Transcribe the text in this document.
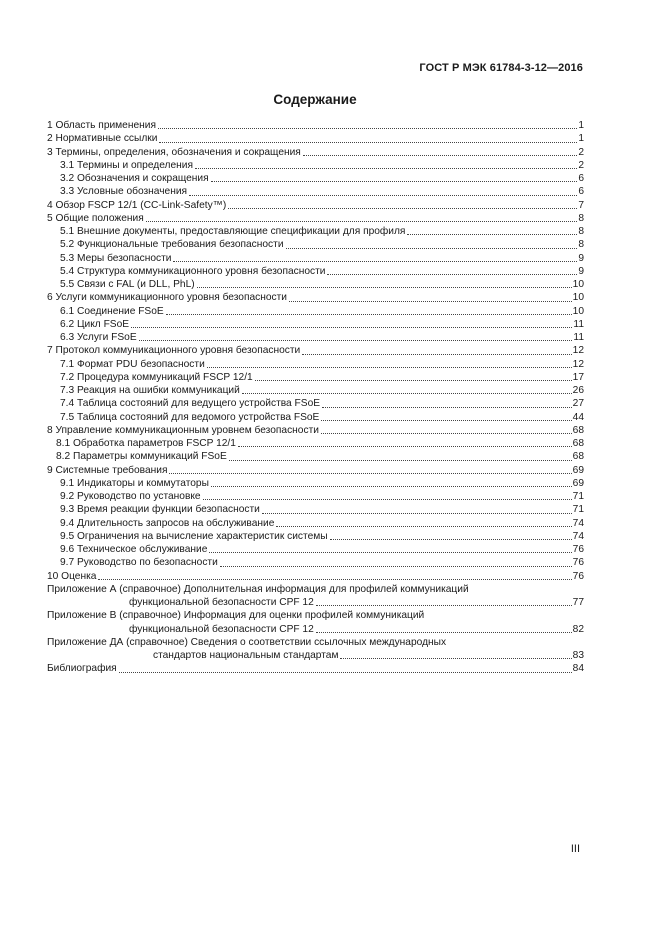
ГОСТ Р МЭК 61784-3-12—2016
Содержание
1 Область применения	1
2 Нормативные ссылки	1
3 Термины, определения, обозначения и сокращения	2
3.1 Термины и определения	2
3.2 Обозначения и сокращения	6
3.3 Условные обозначения	6
4 Обзор FSCP 12/1 (CC-Link-Safety™)	7
5 Общие положения	8
5.1 Внешние документы, предоставляющие спецификации для профиля	8
5.2 Функциональные требования безопасности	8
5.3 Меры безопасности	9
5.4 Структура коммуникационного уровня безопасности	9
5.5 Связи с FAL (и DLL, PhL)	10
6 Услуги коммуникационного уровня безопасности	10
6.1 Соединение FSoE	10
6.2 Цикл FSoE	11
6.3 Услуги FSoE	11
7 Протокол коммуникационного уровня безопасности	12
7.1 Формат PDU безопасности	12
7.2 Процедура коммуникаций FSCP 12/1	17
7.3 Реакция на ошибки коммуникаций	26
7.4 Таблица состояний для ведущего устройства FSoE	27
7.5 Таблица состояний для ведомого устройства FSoE	44
8 Управление коммуникационным уровнем безопасности	68
8.1 Обработка параметров FSCP 12/1	68
8.2 Параметры коммуникаций FSoE	68
9 Системные требования	69
9.1 Индикаторы и коммутаторы	69
9.2 Руководство по установке	71
9.3 Время реакции функции безопасности	71
9.4 Длительность запросов на обслуживание	74
9.5 Ограничения на вычисление характеристик системы	74
9.6 Техническое обслуживание	76
9.7 Руководство по безопасности	76
10 Оценка	76
Приложение А (справочное) Дополнительная информация для профилей коммуникаций
функциональной безопасности CPF 12	77
Приложение В (справочное) Информация для оценки профилей коммуникаций
функциональной безопасности CPF 12	82
Приложение ДА (справочное) Сведения о соответствии ссылочных международных
стандартов национальным стандартам	83
Библиография	84
III
